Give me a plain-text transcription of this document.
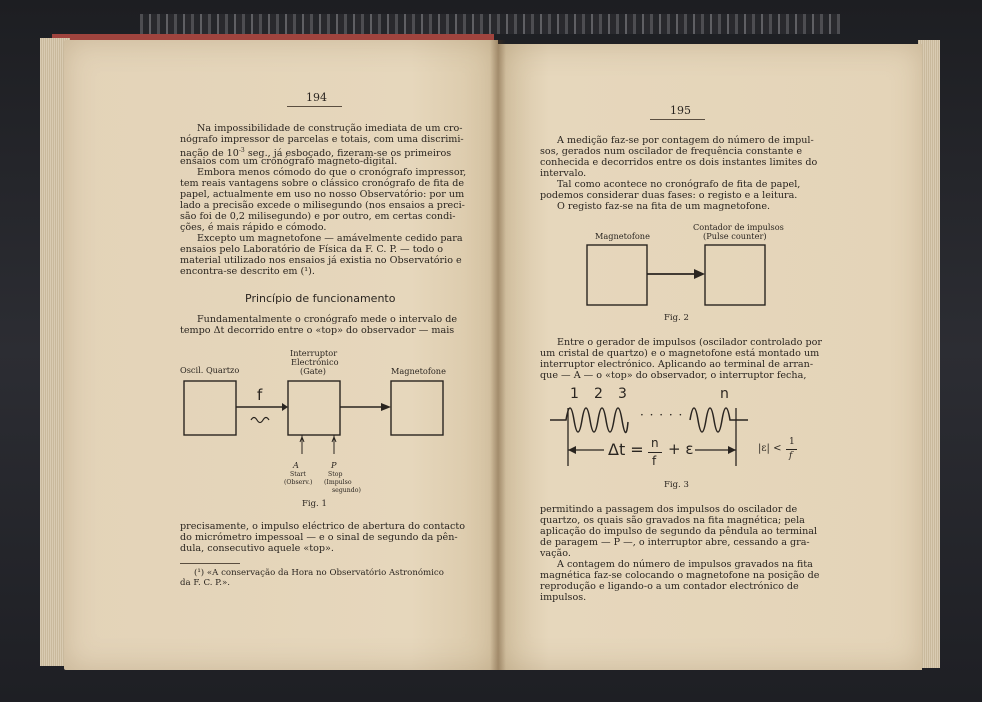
194
Na impossibilidade de construção imediata de um cro-
nógrafo impressor de parcelas e totais, com uma discrimi-
nação de $10^{-3}$ seg., já esboçado, fizeram-se os primeiros
ensaios com um cronógrafo magneto-digital.
Embora menos cómodo do que o cronógrafo impressor,
tem reais vantagens sobre o clássico cronógrafo de fita de
papel, actualmente em uso no nosso Observatório: por um
lado a precisão excede o milisegundo (nos ensaios a preci-
são foi de 0,2 milisegundo) e por outro, em certas condi-
ções, é mais rápido e cómodo.
Excepto um magnetofone — amávelmente cedido para
ensaios pelo Laboratório de Física da F. C. P. — todo o
material utilizado nos ensaios já existia no Observatório e
encontra-se descrito em (¹).
Princípio de funcionamento
Fundamentalmente o cronógrafo mede o intervalo de
tempo Δt decorrido entre o «top» do observador — mais
Oscil. Quartzo
Interruptor
Electrónico
(Gate)	Magnetofone
f
A
Start
(Observ.)
P
Stop
(Impulso
segundo)
Fig. 1
precisamente, o impulso eléctrico de abertura do contacto
do micrómetro impessoal — e o sinal de segundo da pên-
dula, consecutivo aquele «top».
(¹) «A conservação da Hora no Observatório Astronómico
da F. C. P.».
195
A medição faz-se por contagem do número de impul-
sos, gerados num oscilador de frequência constante e
conhecida e decorridos entre os dois instantes limites do
intervalo.
Tal como acontece no cronógrafo de fita de papel,
podemos considerar duas fases: o registo e a leitura.
O registo faz-se na fita de um magnetofone.
Magnetofone
Contador de impulsos
(Pulse counter)
Fig. 2
Entre o gerador de impulsos (oscilador controlado por
um cristal de quartzo) e o magnetofone está montado um
interruptor electrónico. Aplicando ao terminal de arran-
que — A — o «top» do observador, o interruptor fecha,
1 2 3	n
· · · · ·
Δt = n
f
+ ε	|ε| <
1
f
Fig. 3
permitindo a passagem dos impulsos do oscilador de
quartzo, os quais são gravados na fita magnética; pela
aplicação do impulso de segundo da pêndula ao terminal
de paragem — P —, o interruptor abre, cessando a gra-
vação.
A contagem do número de impulsos gravados na fita
magnética faz-se colocando o magnetofone na posição de
reprodução e ligando-o a um contador electrónico de
impulsos.
